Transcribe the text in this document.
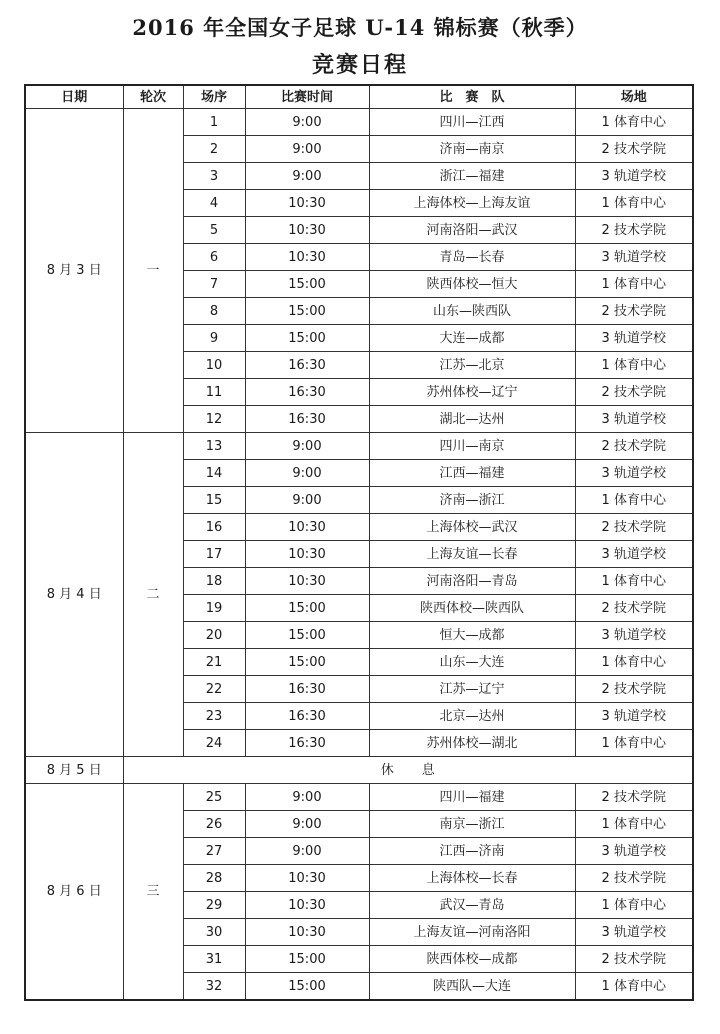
2016 年全国女子足球 U-14 锦标赛（秋季）
竞赛日程
日期	轮次	场序	比赛时间	比　赛　队	场地
8 月 3 日	一	1	9:00	四川—江西	1 体育中心
		2	9:00	济南—南京	2 技术学院
		3	9:00	浙江—福建	3 轨道学校
		4	10:30	上海体校—上海友谊	1 体育中心
		5	10:30	河南洛阳—武汉	2 技术学院
		6	10:30	青岛—长春	3 轨道学校
		7	15:00	陕西体校—恒大	1 体育中心
		8	15:00	山东—陕西队	2 技术学院
		9	15:00	大连—成都	3 轨道学校
		10	16:30	江苏—北京	1 体育中心
		11	16:30	苏州体校—辽宁	2 技术学院
		12	16:30	湖北—达州	3 轨道学校
8 月 4 日	二	13	9:00	四川—南京	2 技术学院
		14	9:00	江西—福建	3 轨道学校
		15	9:00	济南—浙江	1 体育中心
		16	10:30	上海体校—武汉	2 技术学院
		17	10:30	上海友谊—长春	3 轨道学校
		18	10:30	河南洛阳—青岛	1 体育中心
		19	15:00	陕西体校—陕西队	2 技术学院
		20	15:00	恒大—成都	3 轨道学校
		21	15:00	山东—大连	1 体育中心
		22	16:30	江苏—辽宁	2 技术学院
		23	16:30	北京—达州	3 轨道学校
		24	16:30	苏州体校—湖北	1 体育中心
8 月 5 日	休息				
8 月 6 日	三	25	9:00	四川—福建	2 技术学院
		26	9:00	南京—浙江	1 体育中心
		27	9:00	江西—济南	3 轨道学校
		28	10:30	上海体校—长春	2 技术学院
		29	10:30	武汉—青岛	1 体育中心
		30	10:30	上海友谊—河南洛阳	3 轨道学校
		31	15:00	陕西体校—成都	2 技术学院
		32	15:00	陕西队—大连	1 体育中心
